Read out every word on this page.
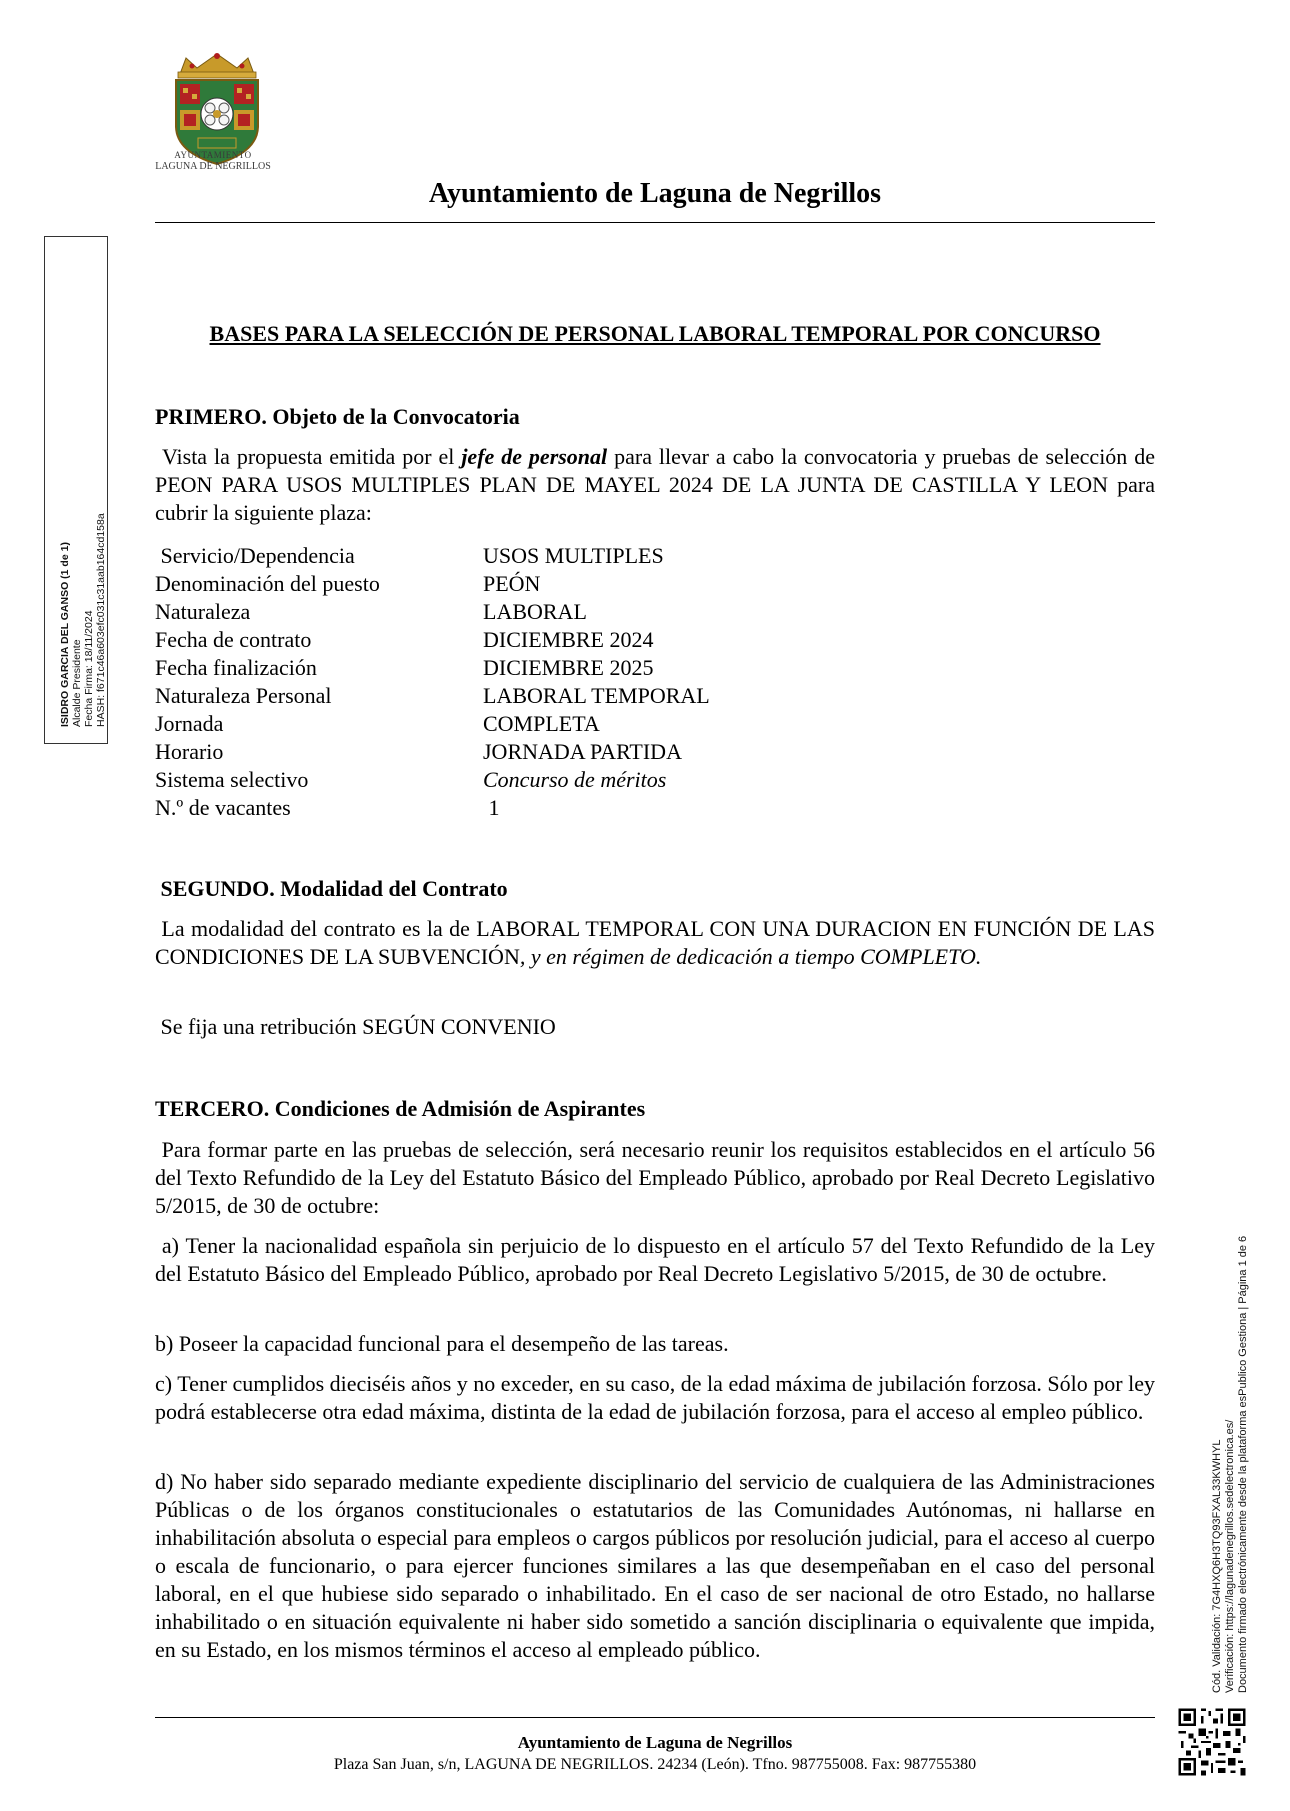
AYUNTAMIENTO
LAGUNA DE NEGRILLOS
Ayuntamiento de Laguna de Negrillos
ISIDRO GARCIA DEL GANSO (1 de 1) Alcalde Presidente Fecha Firma: 18/11/2024 HASH: f671c46a603efc031c31aab164cd158a
BASES PARA LA SELECCIÓN DE PERSONAL LABORAL TEMPORAL POR CONCURSO
PRIMERO. Objeto de la Convocatoria
Vista la propuesta emitida por el jefe de personal para llevar a cabo la convocatoria y pruebas de selección de PEON PARA USOS MULTIPLES PLAN DE MAYEL 2024 DE LA JUNTA DE CASTILLA Y LEON para cubrir la siguiente plaza:
Servicio/Dependencia	USOS MULTIPLES
Denominación del puesto	PEÓN
Naturaleza	LABORAL
Fecha de contrato	DICIEMBRE 2024
Fecha finalización	DICIEMBRE 2025
Naturaleza Personal	LABORAL TEMPORAL
Jornada	COMPLETA
Horario	JORNADA PARTIDA
Sistema selectivo	Concurso de méritos
N.º de vacantes	1
SEGUNDO. Modalidad del Contrato
La modalidad del contrato es la de LABORAL TEMPORAL CON UNA DURACION EN FUNCIÓN DE LAS CONDICIONES DE LA SUBVENCIÓN, y en régimen de dedicación a tiempo COMPLETO.
Se fija una retribución SEGÚN CONVENIO
TERCERO. Condiciones de Admisión de Aspirantes
Para formar parte en las pruebas de selección, será necesario reunir los requisitos establecidos en el artículo 56 del Texto Refundido de la Ley del Estatuto Básico del Empleado Público, aprobado por Real Decreto Legislativo 5/2015, de 30 de octubre:
a) Tener la nacionalidad española sin perjuicio de lo dispuesto en el artículo 57 del Texto Refundido de la Ley del Estatuto Básico del Empleado Público, aprobado por Real Decreto Legislativo 5/2015, de 30 de octubre.
b) Poseer la capacidad funcional para el desempeño de las tareas.
c) Tener cumplidos dieciséis años y no exceder, en su caso, de la edad máxima de jubilación forzosa. Sólo por ley podrá establecerse otra edad máxima, distinta de la edad de jubilación forzosa, para el acceso al empleo público.
d) No haber sido separado mediante expediente disciplinario del servicio de cualquiera de las Administraciones Públicas o de los órganos constitucionales o estatutarios de las Comunidades Autónomas, ni hallarse en inhabilitación absoluta o especial para empleos o cargos públicos por resolución judicial, para el acceso al cuerpo o escala de funcionario, o para ejercer funciones similares a las que desempeñaban en el caso del personal laboral, en el que hubiese sido separado o inhabilitado. En el caso de ser nacional de otro Estado, no hallarse inhabilitado o en situación equivalente ni haber sido sometido a sanción disciplinaria o equivalente que impida, en su Estado, en los mismos términos el acceso al empleado público.
Ayuntamiento de Laguna de Negrillos
Plaza San Juan, s/n, LAGUNA DE NEGRILLOS. 24234 (León). Tfno. 987755008. Fax: 987755380
Cód. Validación: 7G4HXQ6H3TQ93FXAL33KWHYL Verificación: https://lagunadenegrillos.sedelectronica.es/ Documento firmado electrónicamente desde la plataforma esPublico Gestiona | Página 1 de 6
